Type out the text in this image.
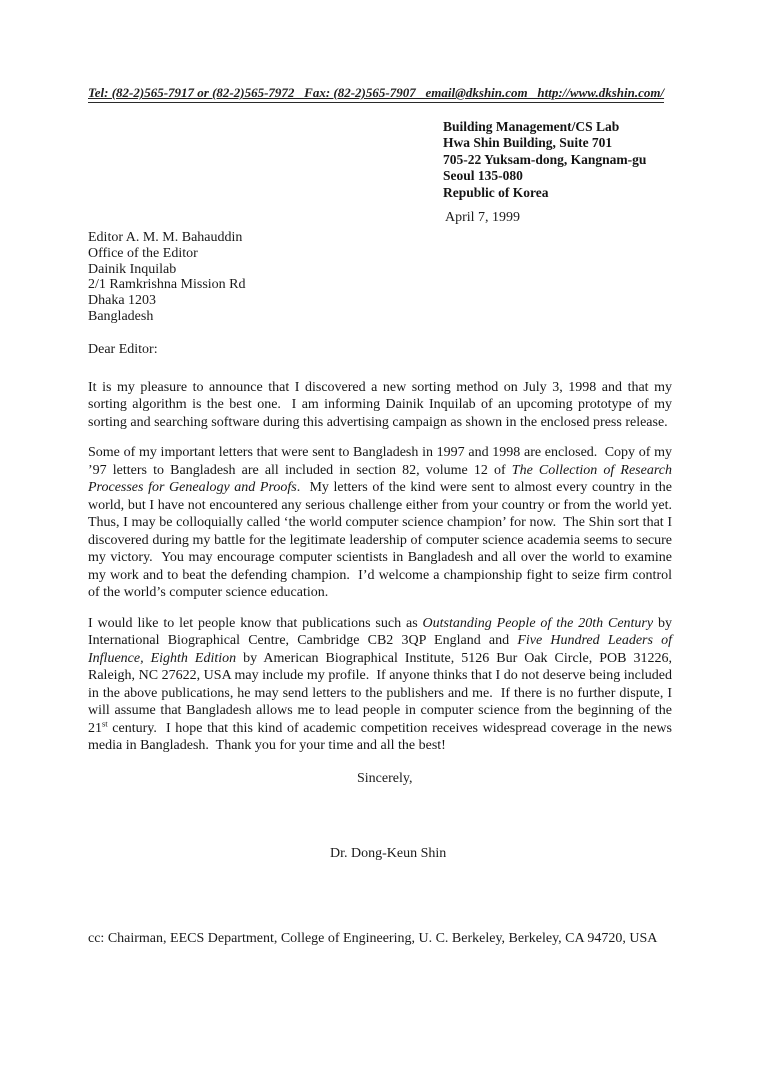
Tel: (82-2)565-7917 or (82-2)565-7972   Fax: (82-2)565-7907   email@dkshin.com   http://www.dkshin.com/
Building Management/CS Lab
Hwa Shin Building, Suite 701
705-22 Yuksam-dong, Kangnam-gu
Seoul 135-080
Republic of Korea
April 7, 1999
Editor A. M. M. Bahauddin
Office of the Editor
Dainik Inquilab
2/1 Ramkrishna Mission Rd
Dhaka 1203
Bangladesh
Dear Editor:

It is my pleasure to announce that I discovered a new sorting method on July 3, 1998 and that my sorting algorithm is the best one.  I am informing Dainik Inquilab of an upcoming prototype of my sorting and searching software during this advertising campaign as shown in the enclosed press release.

Some of my important letters that were sent to Bangladesh in 1997 and 1998 are enclosed.  Copy of my ’97 letters to Bangladesh are all included in section 82, volume 12 of The Collection of Research Processes for Genealogy and Proofs.  My letters of the kind were sent to almost every country in the world, but I have not encountered any serious challenge either from your country or from the world yet.  Thus, I may be colloquially called ‘the world computer science champion’ for now.  The Shin sort that I discovered during my battle for the legitimate leadership of computer science academia seems to secure my victory.  You may encourage computer scientists in Bangladesh and all over the world to examine my work and to beat the defending champion.  I’d welcome a championship fight to seize firm control of the world’s computer science education.

I would like to let people know that publications such as Outstanding People of the 20th Century by International Biographical Centre, Cambridge CB2 3QP England and Five Hundred Leaders of Influence, Eighth Edition by American Biographical Institute, 5126 Bur Oak Circle, POB 31226, Raleigh, NC 27622, USA may include my profile.  If anyone thinks that I do not deserve being included in the above publications, he may send letters to the publishers and me.  If there is no further dispute, I will assume that Bangladesh allows me to lead people in computer science from the beginning of the 21st century.  I hope that this kind of academic competition receives widespread coverage in the news media in Bangladesh.  Thank you for your time and all the best!

Sincerely,
Dr. Dong-Keun Shin
cc: Chairman, EECS Department, College of Engineering, U. C. Berkeley, Berkeley, CA 94720, USA
